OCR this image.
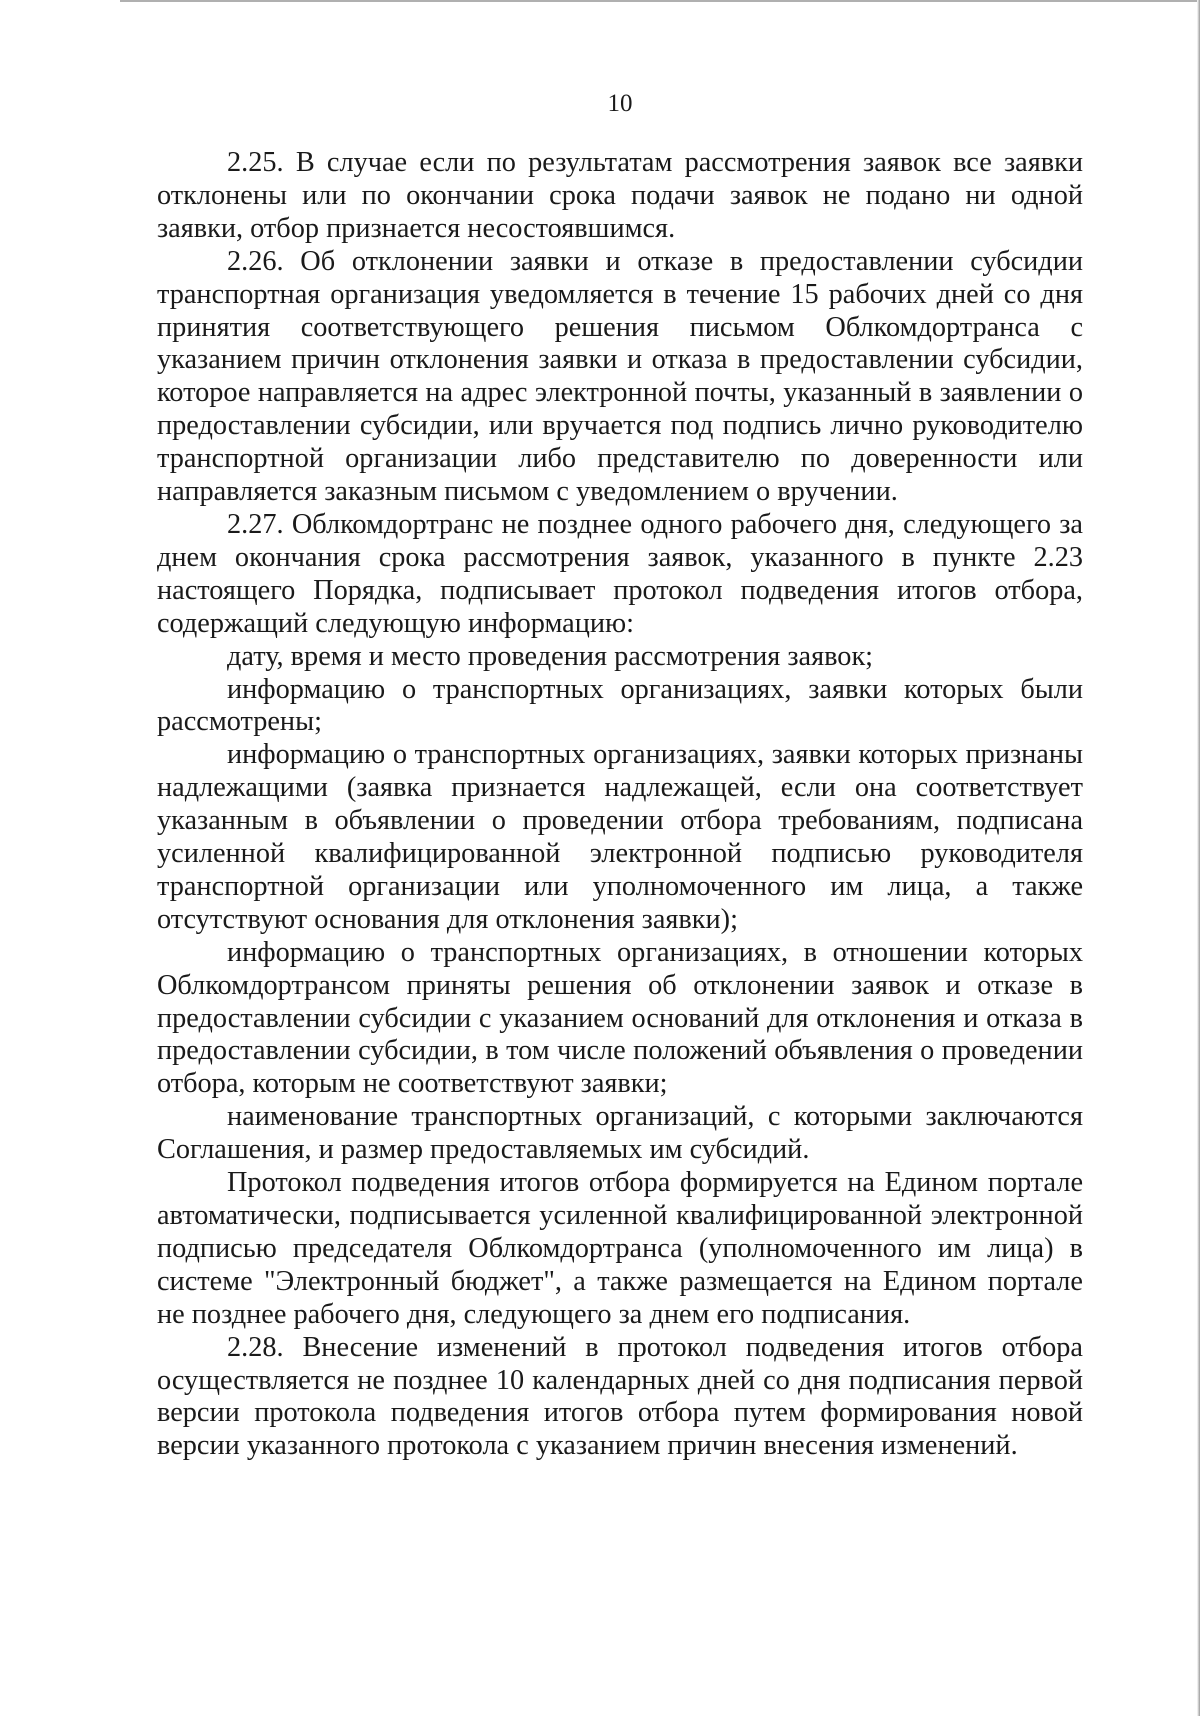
10

2.25. В случае если по результатам рассмотрения заявок все заявки отклонены или по окончании срока подачи заявок не подано ни одной заявки, отбор признается несостоявшимся.

2.26. Об отклонении заявки и отказе в предоставлении субсидии транспортная организация уведомляется в течение 15 рабочих дней со дня принятия соответствующего решения письмом Облкомдортранса с указанием причин отклонения заявки и отказа в предоставлении субсидии, которое направляется на адрес электронной почты, указанный в заявлении о предоставлении субсидии, или вручается под подпись лично руководителю транспортной организации либо представителю по доверенности или направляется заказным письмом с уведомлением о вручении.

2.27. Облкомдортранс не позднее одного рабочего дня, следующего за днем окончания срока рассмотрения заявок, указанного в пункте 2.23 настоящего Порядка, подписывает протокол подведения итогов отбора, содержащий следующую информацию:

дату, время и место проведения рассмотрения заявок;

информацию о транспортных организациях, заявки которых были рассмотрены;

информацию о транспортных организациях, заявки которых признаны надлежащими (заявка признается надлежащей, если она соответствует указанным в объявлении о проведении отбора требованиям, подписана усиленной квалифицированной электронной подписью руководителя транспортной организации или уполномоченного им лица, а также отсутствуют основания для отклонения заявки);

информацию о транспортных организациях, в отношении которых Облкомдортрансом приняты решения об отклонении заявок и отказе в предоставлении субсидии с указанием оснований для отклонения и отказа в предоставлении субсидии, в том числе положений объявления о проведении отбора, которым не соответствуют заявки;

наименование транспортных организаций, с которыми заключаются Соглашения, и размер предоставляемых им субсидий.

Протокол подведения итогов отбора формируется на Едином портале автоматически, подписывается усиленной квалифицированной электронной подписью председателя Облкомдортранса (уполномоченного им лица) в системе "Электронный бюджет", а также размещается на Едином портале не позднее рабочего дня, следующего за днем его подписания.

2.28. Внесение изменений в протокол подведения итогов отбора осуществляется не позднее 10 календарных дней со дня подписания первой версии протокола подведения итогов отбора путем формирования новой версии указанного протокола с указанием причин внесения изменений.
